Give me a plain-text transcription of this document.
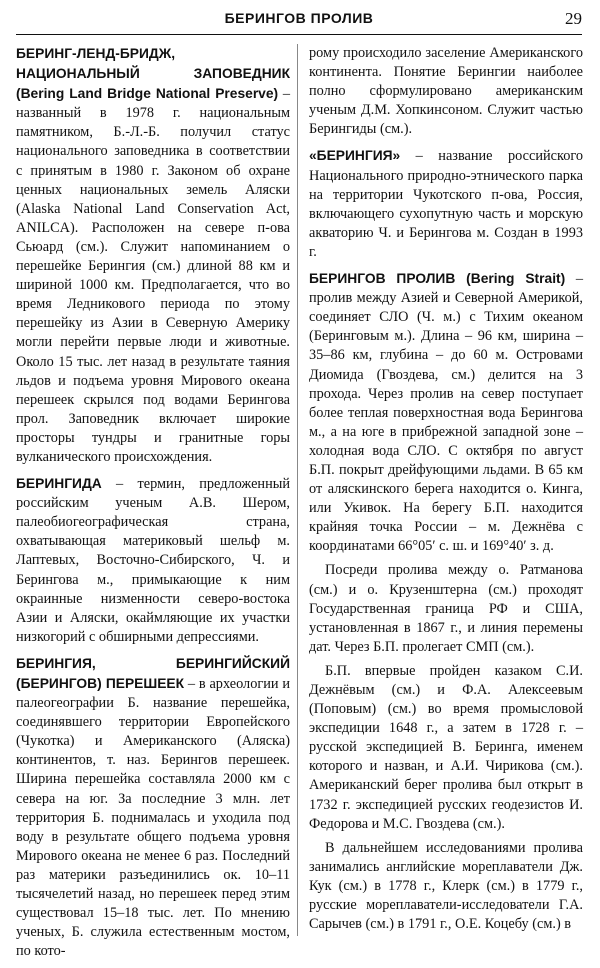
БЕРИНГОВ ПРОЛИВ	29

БЕРИНГ-ЛЕНД-БРИДЖ, НАЦИОНАЛЬНЫЙ ЗАПОВЕДНИК (Bering Land Bridge National Preserve) – названный в 1978 г. национальным памятником, Б.-Л.-Б. получил статус национального заповедника в соответствии с принятым в 1980 г. Законом об охране ценных национальных земель Аляски (Alaska National Land Conservation Act, ANILCA). Расположен на севере п-ова Сьюард (см.). Служит напоминанием о перешейке Берингия (см.) длиной 88 км и шириной 1000 км. Предполагается, что во время Ледникового периода по этому перешейку из Азии в Северную Америку могли перейти первые люди и животные. Около 15 тыс. лет назад в результате таяния льдов и подъема уровня Мирового океана перешеек скрылся под водами Берингова прол. Заповедник включает широкие просторы тундры и гранитные горы вулканического происхождения.

БЕРИНГИДА – термин, предложенный российским ученым А.В. Шером, палеобиогеографическая страна, охватывающая материковый шельф м. Лаптевых, Восточно-Сибирского, Ч. и Берингова м., примыкающие к ним окраинные низменности северо-востока Азии и Аляски, окаймляющие их участки низкогорий с обширными депрессиями.

БЕРИНГИЯ, БЕРИНГИЙСКИЙ (БЕРИНГОВ) ПЕРЕШЕЕК – в археологии и палеогеографии Б. название перешейка, соединявшего территории Европейского (Чукотка) и Американского (Аляска) континентов, т. наз. Берингов перешеек. Ширина перешейка составляла 2000 км с севера на юг. За последние 3 млн. лет территория Б. поднималась и уходила под воду в результате общего подъема уровня Мирового океана не менее 6 раз. Последний раз материки разъединились ок. 10–11 тысячелетий назад, но перешеек перед этим существовал 15–18 тыс. лет. По мнению ученых, Б. служила естественным мостом, по кото-

рому происходило заселение Американского континента. Понятие Берингии наиболее полно сформулировано американским ученым Д.М. Хопкинсоном. Служит частью Берингиды (см.).

«БЕРИНГИЯ» – название российского Национального природно-этнического парка на территории Чукотского п-ова, Россия, включающего сухопутную часть и морскую акваторию Ч. и Берингова м. Создан в 1993 г.

БЕРИНГОВ ПРОЛИВ (Bering Strait) – пролив между Азией и Северной Америкой, соединяет СЛО (Ч. м.) с Тихим океаном (Беринговым м.). Длина – 96 км, ширина – 35–86 км, глубина – до 60 м. Островами Диомида (Гвоздева, см.) делится на 3 прохода. Через пролив на север поступает более теплая поверхностная вода Берингова м., а на юге в прибрежной западной зоне – холодная вода СЛО. С октября по август Б.П. покрыт дрейфующими льдами. В 65 км от аляскинского берега находится о. Кинга, или Укивок. На берегу Б.П. находится крайняя точка России – м. Дежнёва с координатами 66°05′ с. ш. и 169°40′ з. д.

Посреди пролива между о. Ратманова (см.) и о. Крузенштерна (см.) проходят Государственная граница РФ и США, установленная в 1867 г., и линия перемены дат. Через Б.П. пролегает СМП (см.).

Б.П. впервые пройден казаком С.И. Дежнёвым (см.) и Ф.А. Алексеевым (Поповым) (см.) во время промысловой экспедиции 1648 г., а затем в 1728 г. – русской экспедицией В. Беринга, именем которого и назван, и А.И. Чирикова (см.). Американский берег пролива был открыт в 1732 г. экспедицией русских геодезистов И. Федорова и М.С. Гвоздева (см.).

В дальнейшем исследованиями пролива занимались английские мореплаватели Дж. Кук (см.) в 1778 г., Клерк (см.) в 1779 г., русские мореплаватели-исследователи Г.А. Сарычев (см.) в 1791 г., О.Е. Коцебу (см.) в
